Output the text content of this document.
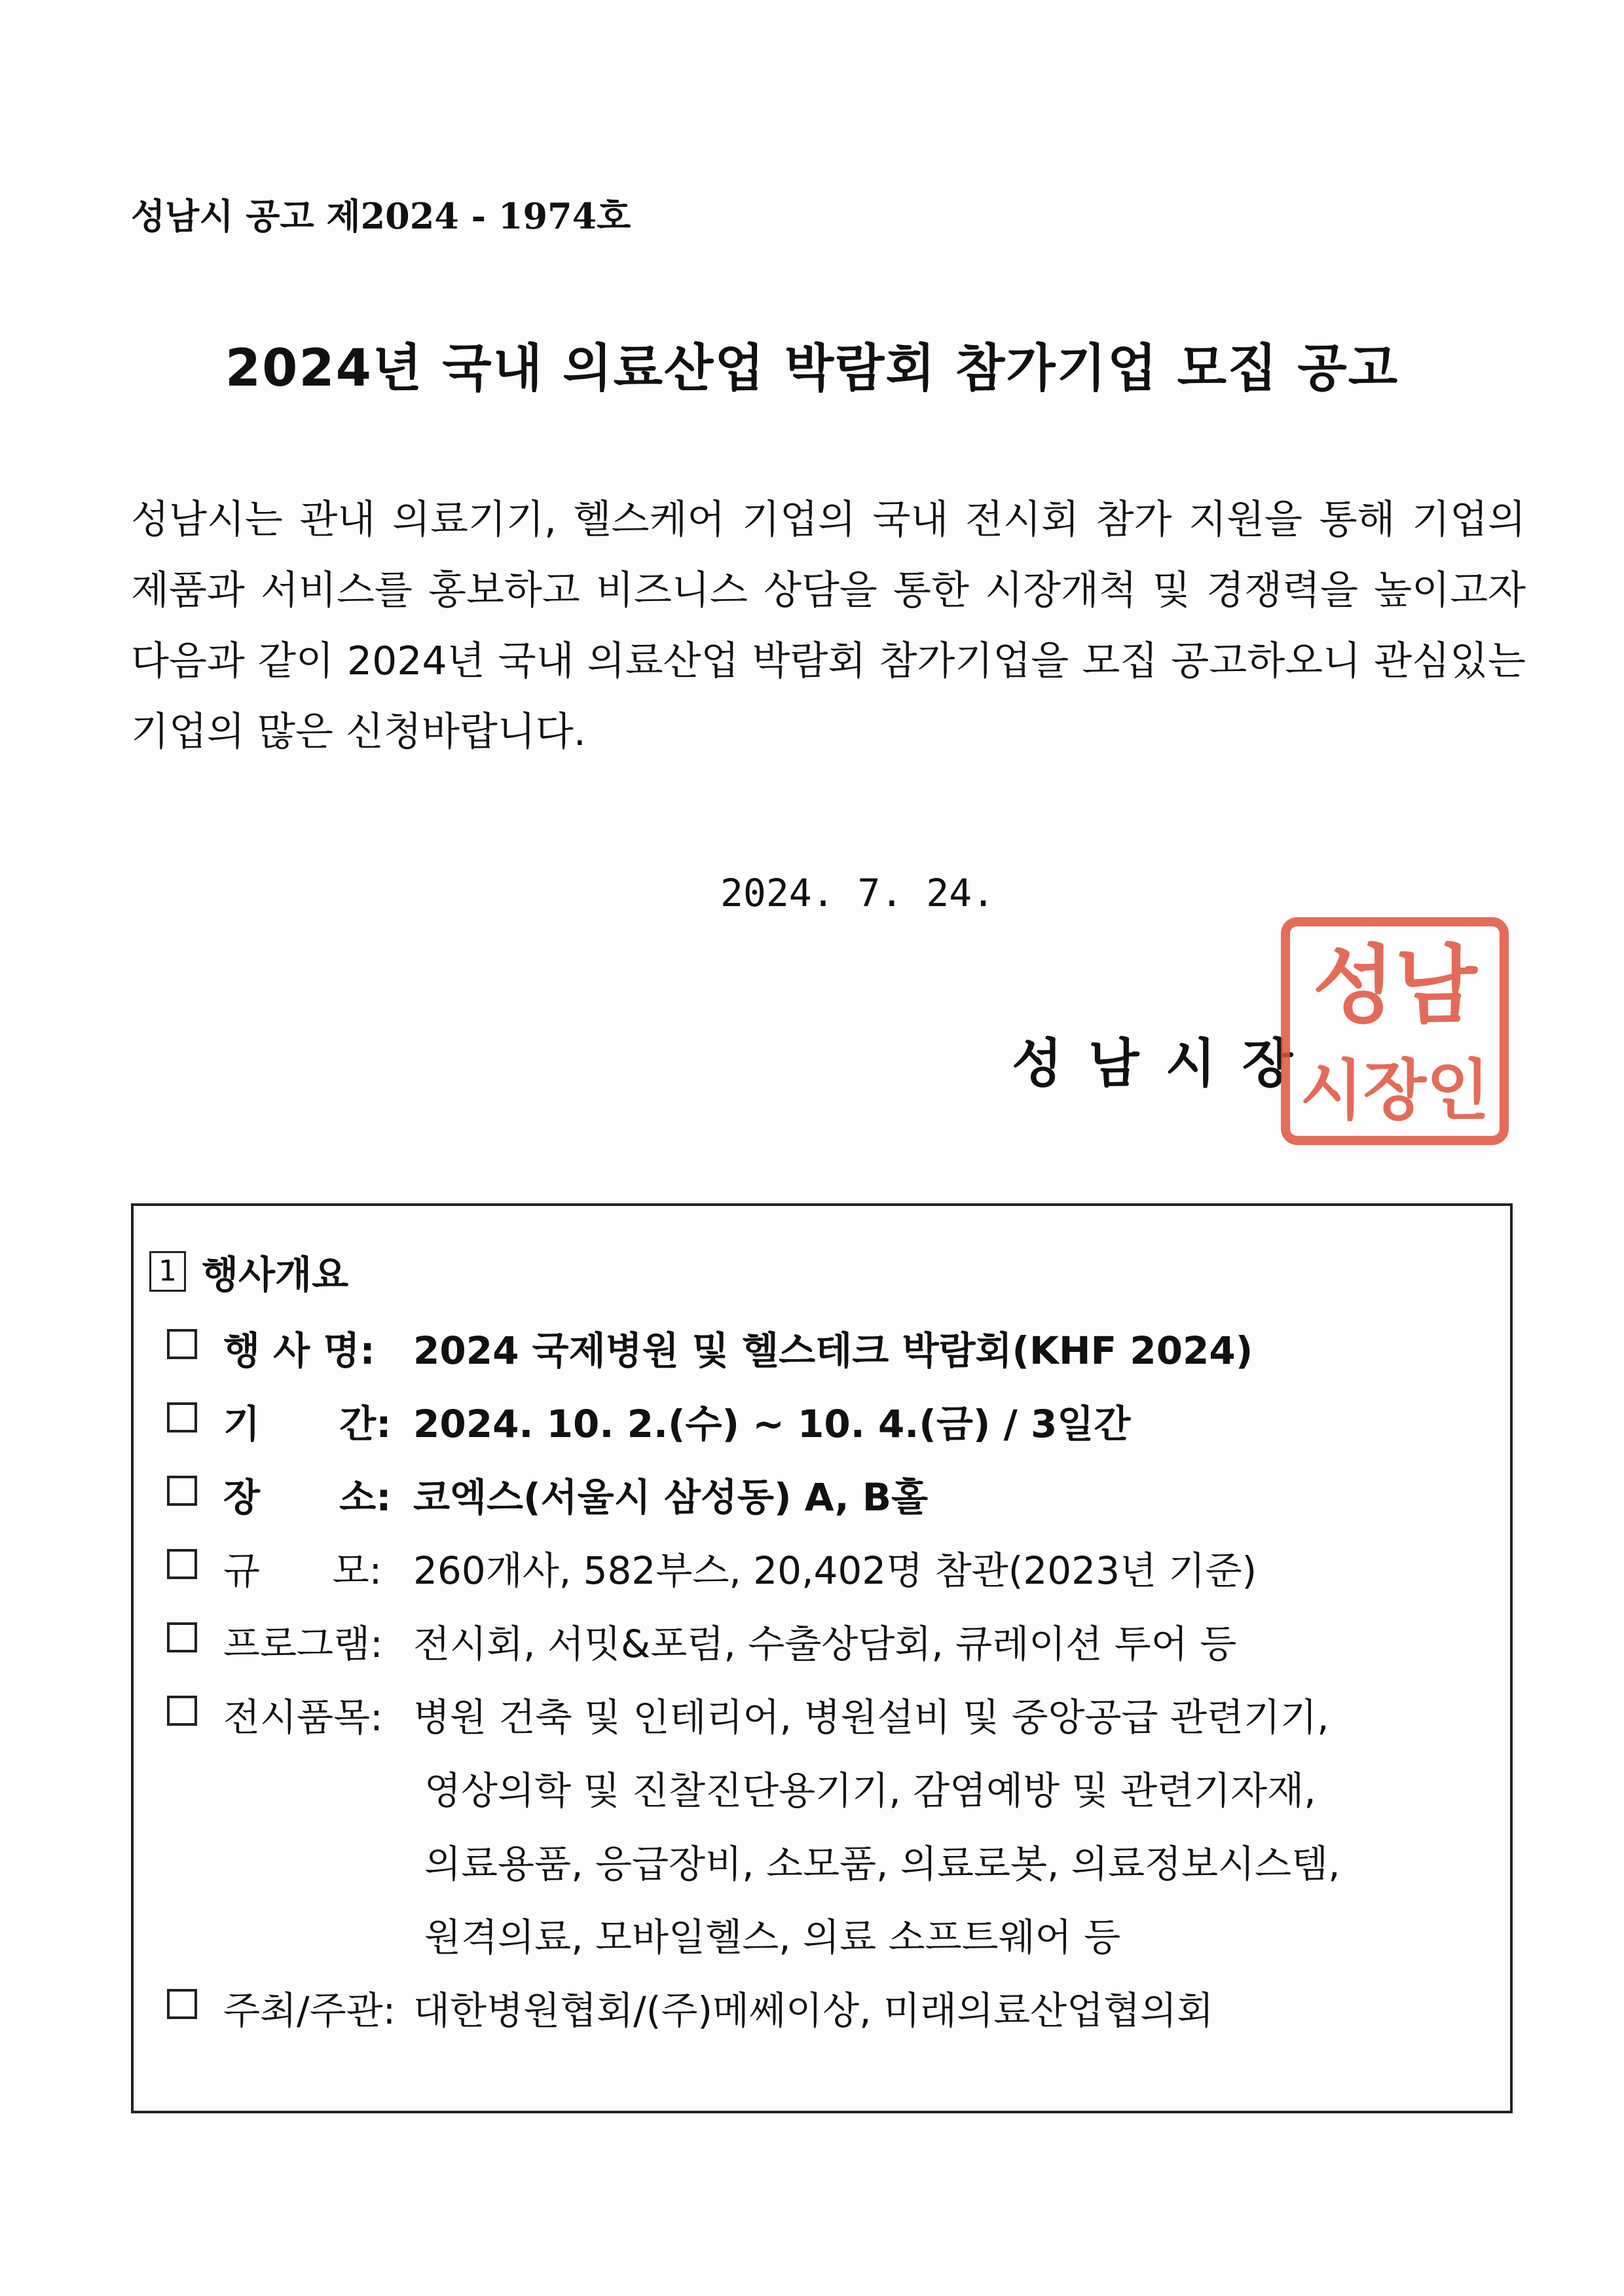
성남시 공고 제2024 - 1974호
2024년 국내 의료산업 박람회 참가기업 모집 공고
성남시는 관내 의료기기, 헬스케어 기업의 국내 전시회 참가 지원을 통해 기업의 제품과 서비스를 홍보하고 비즈니스 상담을 통한 시장개척 및 경쟁력을 높이고자 다음과 같이 2024년 국내 의료산업 박람회 참가기업을 모집 공고하오니 관심있는 기업의 많은 신청바랍니다.
2024. 7. 24.
성남시장
성남
시장인
1 행사개요
행 사 명:	2024 국제병원 및 헬스테크 박람회(KHF 2024)
기      간: 2024. 10. 2.(수) ~ 10. 4.(금) / 3일간
장      소: 코엑스(서울시 삼성동) A, B홀
규      모: 260개사, 582부스, 20,402명 참관(2023년 기준)
프로그램: 전시회, 서밋&포럼, 수출상담회, 큐레이션 투어 등
전시품목: 병원 건축 및 인테리어, 병원설비 및 중앙공급 관련기기,
영상의학 및 진찰진단용기기, 감염예방 및 관련기자재,
의료용품, 응급장비, 소모품, 의료로봇, 의료정보시스템,
원격의료, 모바일헬스, 의료 소프트웨어 등
주최/주관: 대한병원협회/(주)메쎄이상, 미래의료산업협의회
